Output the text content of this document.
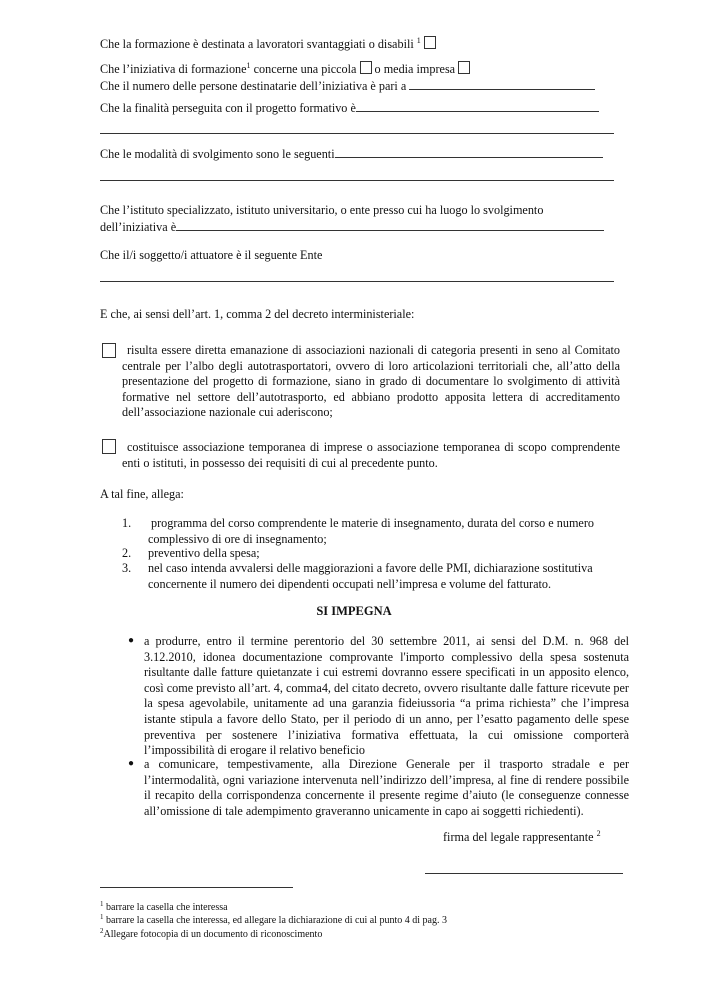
Che la formazione è destinata a lavoratori svantaggiati o disabili $^1$
Che l’iniziativa di formazione$^1$ concerne una piccola o media impresa
Che il numero delle persone destinatarie dell’iniziativa è pari a
Che la finalità perseguita con il progetto formativo è
Che le modalità di svolgimento sono le seguenti
Che l’istituto specializzato, istituto universitario, o ente presso cui ha luogo lo svolgimento
dell’iniziativa è
Che il/i soggetto/i attuatore è il seguente Ente
E che, ai sensi dell’art. 1, comma 2 del decreto interministeriale:
risulta essere diretta emanazione di associazioni nazionali di categoria presenti in seno al Comitato centrale per l’albo degli autotrasportatori, ovvero di loro articolazioni territoriali che, all’atto della presentazione del progetto di formazione, siano in grado di documentare lo svolgimento di attività formative nel settore dell’autotrasporto, ed abbiano prodotto apposita lettera di accreditamento dell’associazione nazionale cui aderiscono;
costituisce associazione temporanea di imprese o associazione temporanea di scopo comprendente enti o istituti, in possesso dei requisiti di cui al precedente punto.
A tal fine, allega:
1. programma del corso comprendente le materie di insegnamento, durata del corso e numero complessivo di ore di insegnamento;
2. preventivo della spesa;
3. nel caso intenda avvalersi delle maggiorazioni a favore delle PMI, dichiarazione sostitutiva concernente il numero dei dipendenti occupati nell’impresa e volume del fatturato.
SI IMPEGNA
● a produrre, entro il termine perentorio del 30 settembre 2011, ai sensi del D.M. n. 968 del 3.12.2010, idonea documentazione comprovante l'importo complessivo della spesa sostenuta risultante dalle fatture quietanzate i cui estremi dovranno essere specificati in un apposito elenco, così come previsto all’art. 4, comma4, del citato decreto, ovvero risultante dalle fatture ricevute per la spesa agevolabile, unitamente ad una garanzia fideiussoria “a prima richiesta” che l’impresa istante stipula a favore dello Stato, per il periodo di un anno, per l’esatto pagamento delle spese preventiva per sostenere l’iniziativa formativa effettuata, la cui omissione comporterà l’impossibilità di erogare il relativo beneficio
● a comunicare, tempestivamente, alla Direzione Generale per il trasporto stradale e per l’intermodalità, ogni variazione intervenuta nell’indirizzo dell’impresa, al fine di rendere possibile il recapito della corrispondenza concernente il presente regime d’aiuto (le conseguenze connesse all’omissione di tale adempimento graveranno unicamente in capo ai soggetti richiedenti).
firma del legale rappresentante $^2$
$^1$ barrare la casella che interessa
$^1$ barrare la casella che interessa, ed allegare la dichiarazione di cui al punto 4 di pag. 3
$^2$Allegare fotocopia di un documento di riconoscimento
